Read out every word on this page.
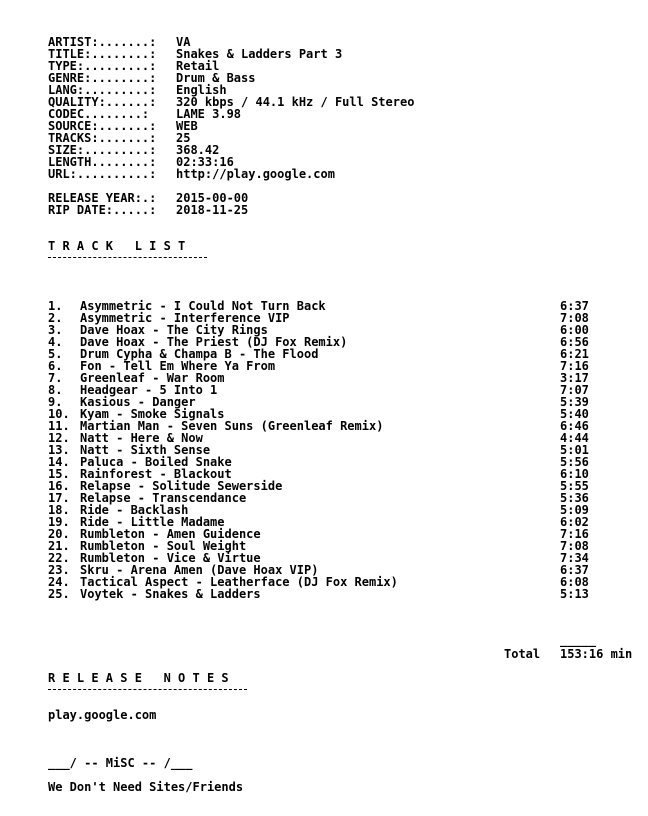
ARTIST:.......: VA
TITLE:........: Snakes & Ladders Part 3
TYPE:.........: Retail
GENRE:........: Drum & Bass
LANG:.........: English
QUALITY:......: 320 kbps / 44.1 kHz / Full Stereo
CODEC........: LAME 3.98
SOURCE:.......: WEB
TRACKS:.......: 25
SIZE:.........: 368.42
LENGTH........: 02:33:16
URL:..........: http://play.google.com
RELEASE YEAR:.: 2015-00-00
RIP DATE:.....: 2018-11-25
T R A C K   L I S T
1. Asymmetric - I Could Not Turn Back	6:37
2. Asymmetric - Interference VIP	7:08
3. Dave Hoax - The City Rings	6:00
4. Dave Hoax - The Priest (DJ Fox Remix)	6:56
5. Drum Cypha & Champa B - The Flood	6:21
6. Fon - Tell Em Where Ya From	7:16
7. Greenleaf - War Room	3:17
8. Headgear - 5 Into 1	7:07
9. Kasious - Danger	5:39
10. Kyam - Smoke Signals	5:40
11. Martian Man - Seven Suns (Greenleaf Remix)	6:46
12. Natt - Here & Now	4:44
13. Natt - Sixth Sense	5:01
14. Paluca - Boiled Snake	5:56
15. Rainforest - Blackout	6:10
16. Relapse - Solitude Sewerside	5:55
17. Relapse - Transcendance	5:36
18. Ride - Backlash	5:09
19. Ride - Little Madame	6:02
20. Rumbleton - Amen Guidence	7:16
21. Rumbleton - Soul Weight	7:08
22. Rumbleton - Vice & Virtue	7:34
23. Skru - Arena Amen (Dave Hoax VIP)	6:37
24. Tactical Aspect - Leatherface (DJ Fox Remix)	6:08
25. Voytek - Snakes & Ladders	5:13
_____
Total 153:16 min
R E L E A S E   N O T E S
play.google.com
___/ -- MiSC -- /___
We Don't Need Sites/Friends
